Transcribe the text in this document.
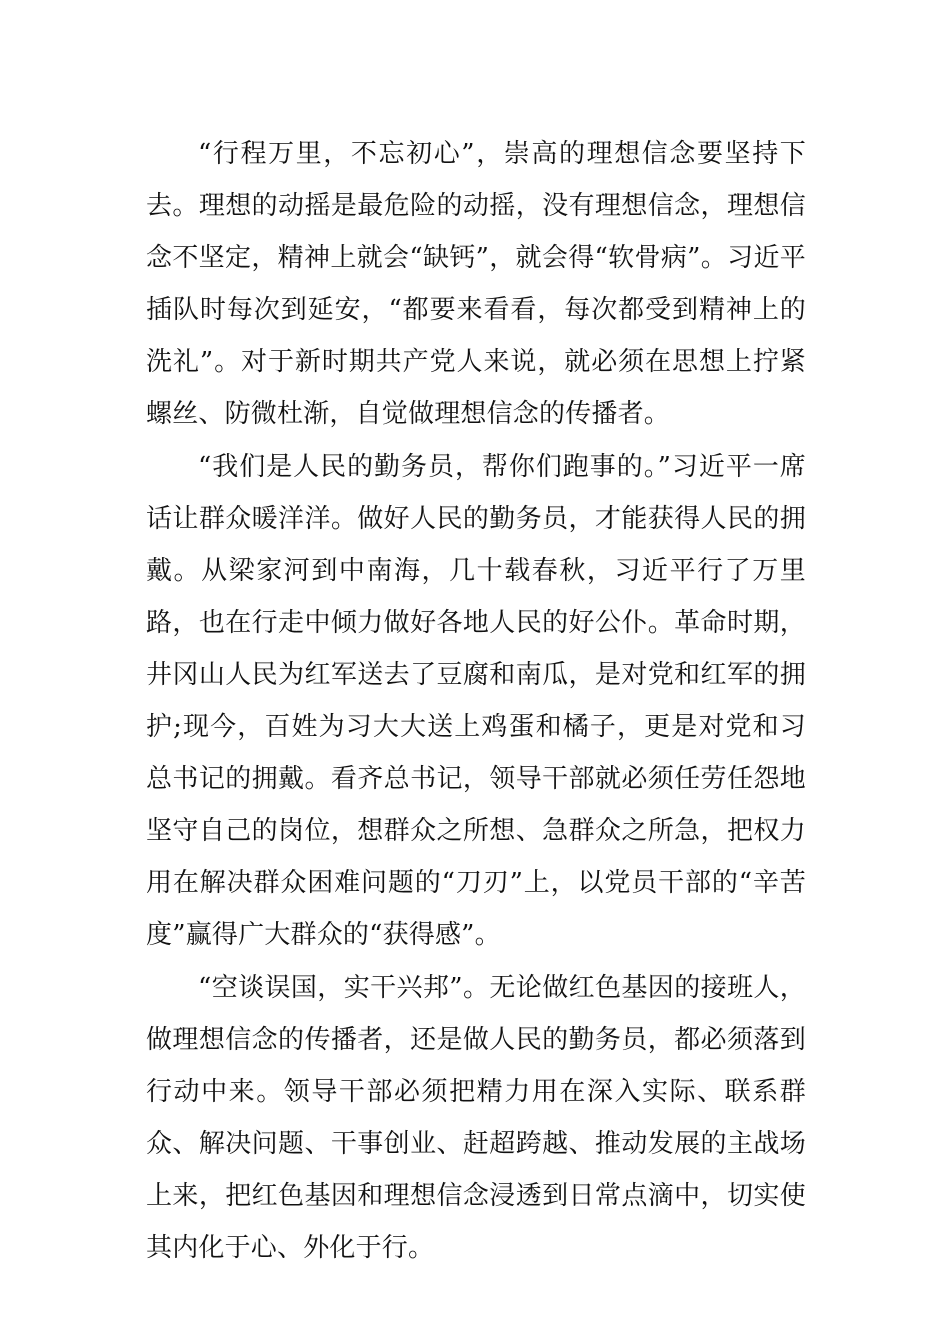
“行程万里，不忘初心”，崇高的理想信念要坚持下去。理想的动摇是最危险的动摇，没有理想信念，理想信念不坚定，精神上就会“缺钙”，就会得“软骨病”。习近平插队时每次到延安，“都要来看看，每次都受到精神上的洗礼”。对于新时期共产党人来说，就必须在思想上拧紧螺丝、防微杜渐，自觉做理想信念的传播者。

“我们是人民的勤务员，帮你们跑事的。”习近平一席话让群众暖洋洋。做好人民的勤务员，才能获得人民的拥戴。从梁家河到中南海，几十载春秋，习近平行了万里路，也在行走中倾力做好各地人民的好公仆。革命时期，井冈山人民为红军送去了豆腐和南瓜，是对党和红军的拥护;现今，百姓为习大大送上鸡蛋和橘子，更是对党和习总书记的拥戴。看齐总书记，领导干部就必须任劳任怨地坚守自己的岗位，想群众之所想、急群众之所急，把权力用在解决群众困难问题的“刀刃”上，以党员干部的“辛苦度”赢得广大群众的“获得感”。

“空谈误国，实干兴邦”。无论做红色基因的接班人，做理想信念的传播者，还是做人民的勤务员，都必须落到行动中来。领导干部必须把精力用在深入实际、联系群众、解决问题、干事创业、赶超跨越、推动发展的主战场上来，把红色基因和理想信念浸透到日常点滴中，切实使其内化于心、外化于行。
